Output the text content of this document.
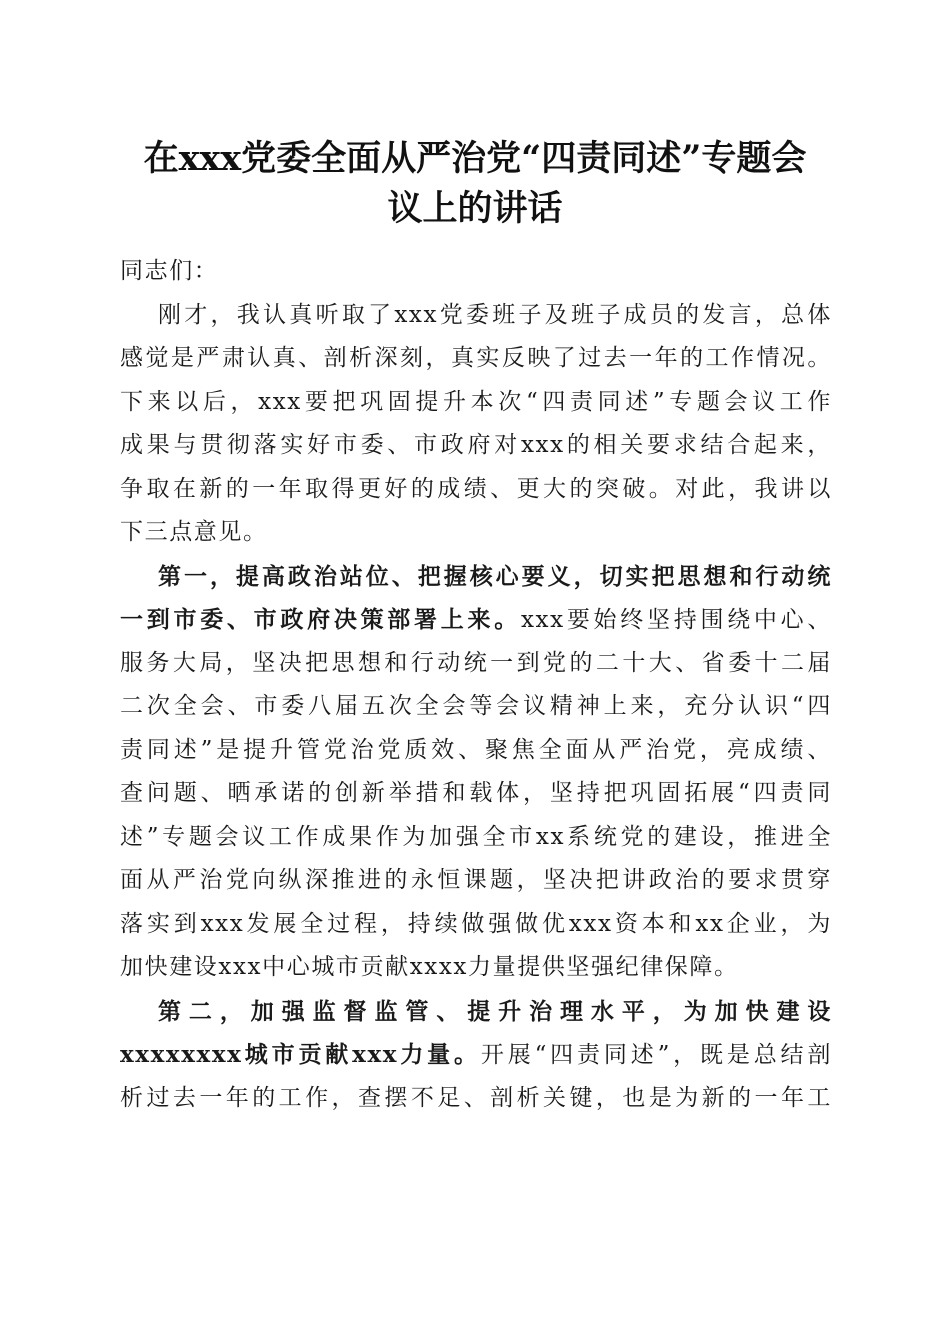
在xxx党委全面从严治党“四责同述”专题会
议上的讲话
同志们：
刚才，我认真听取了xxx党委班子及班子成员的发言，总体
感觉是严肃认真、剖析深刻，真实反映了过去一年的工作情况。
下来以后，xxx要把巩固提升本次“四责同述”专题会议工作
成果与贯彻落实好市委、市政府对xxx的相关要求结合起来，
争取在新的一年取得更好的成绩、更大的突破。对此，我讲以
下三点意见。
第一，提高政治站位、把握核心要义，切实把思想和行动统
一到市委、市政府决策部署上来。xxx要始终坚持围绕中心、
服务大局，坚决把思想和行动统一到党的二十大、省委十二届
二次全会、市委八届五次全会等会议精神上来，充分认识“四
责同述”是提升管党治党质效、聚焦全面从严治党，亮成绩、
查问题、晒承诺的创新举措和载体，坚持把巩固拓展“四责同
述”专题会议工作成果作为加强全市xx系统党的建设，推进全
面从严治党向纵深推进的永恒课题，坚决把讲政治的要求贯穿
落实到xxx发展全过程，持续做强做优xxx资本和xx企业，为
加快建设xxx中心城市贡献xxxx力量提供坚强纪律保障。
第二，加强监督监管、提升治理水平，为加快建设
xxxxxxxx城市贡献xxx力量。开展“四责同述”，既是总结剖
析过去一年的工作，查摆不足、剖析关键，也是为新的一年工
